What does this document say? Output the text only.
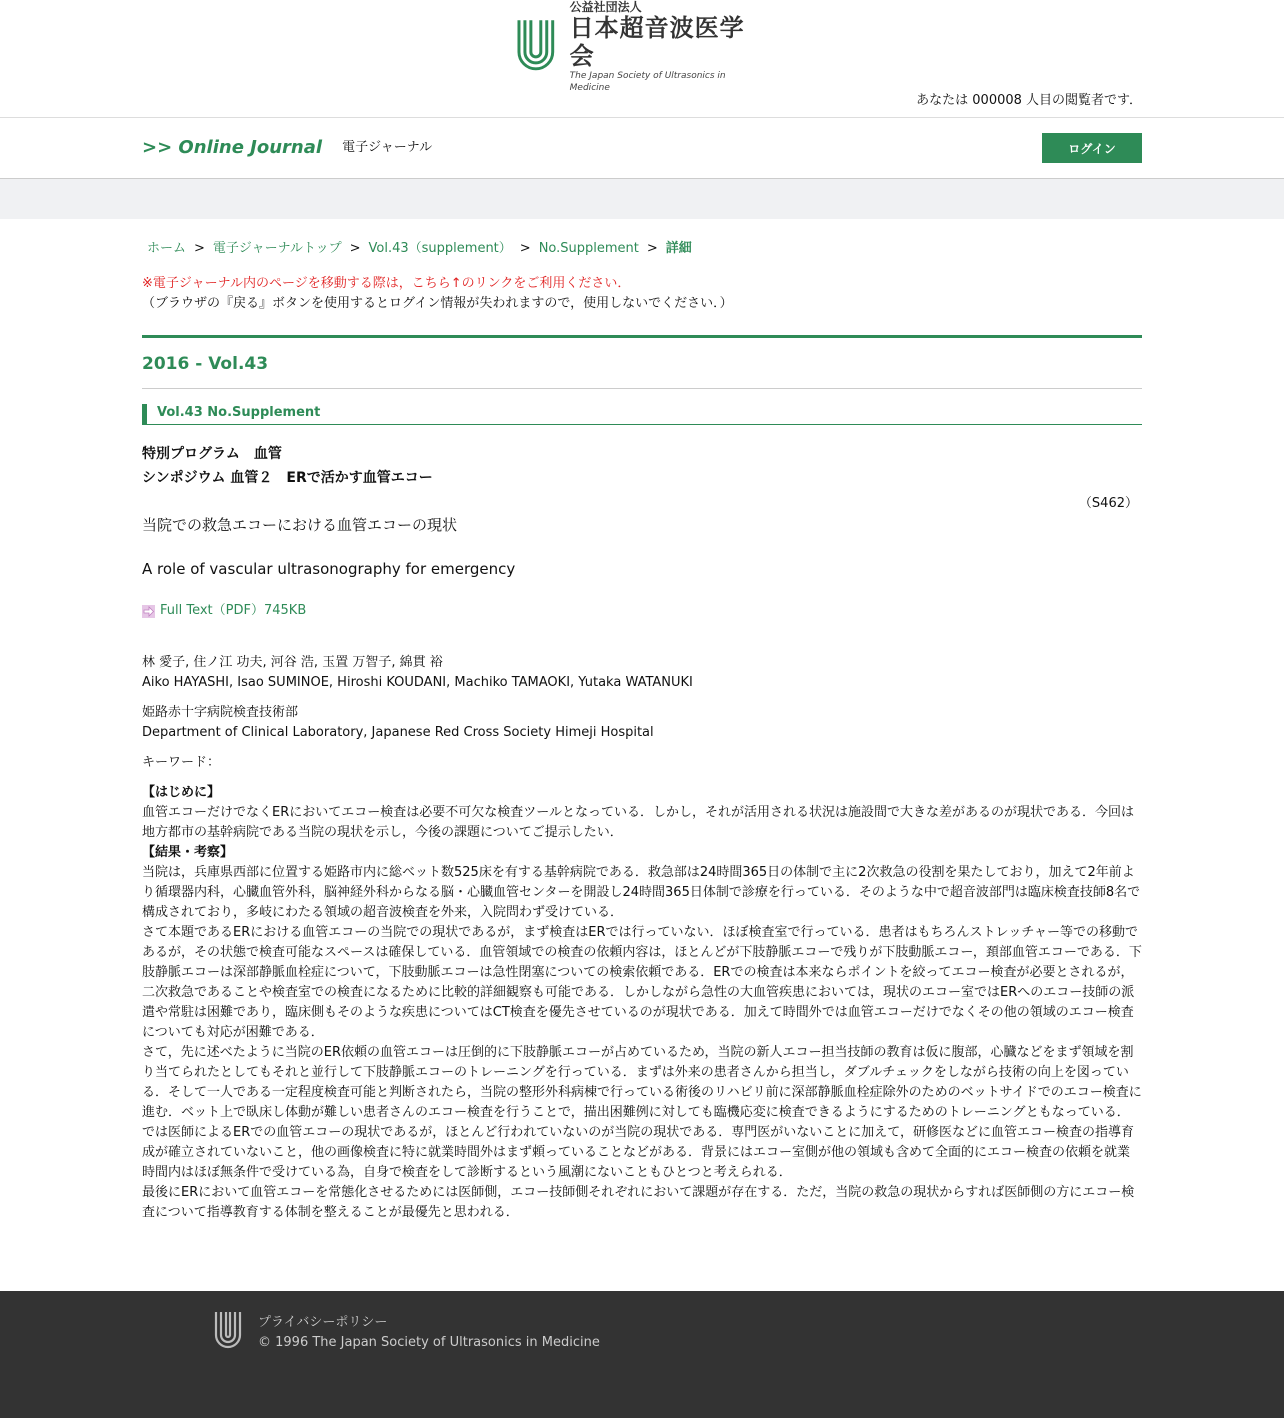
公益社団法人
日本超音波医学会
The Japan Society of Ultrasonics in Medicine
あなたは 000008 人目の閲覧者です．
>> Online Journal 電子ジャーナル	ログイン
ホーム > 電子ジャーナルトップ > Vol.43（supplement） > No.Supplement > 詳細
※電子ジャーナル内のページを移動する際は，こちら↑のリンクをご利用ください．
（ブラウザの『戻る』ボタンを使用するとログイン情報が失われますので，使用しないでください．）
2016 - Vol.43
Vol.43 No.Supplement
特別プログラム　血管
シンポジウム 血管２　ERで活かす血管エコー
（S462）
当院での救急エコーにおける血管エコーの現状
A role of vascular ultrasonography for emergency
Full Text（PDF）745KB
林 愛子, 住ノ江 功夫, 河谷 浩, 玉置 万智子, 綿貫 裕
Aiko HAYASHI, Isao SUMINOE, Hiroshi KOUDANI, Machiko TAMAOKI, Yutaka WATANUKI
姫路赤十字病院検査技術部
Department of Clinical Laboratory, Japanese Red Cross Society Himeji Hospital
キーワード：
【はじめに】
血管エコーだけでなくERにおいてエコー検査は必要不可欠な検査ツールとなっている．しかし，それが活用される状況は施設間で大きな差があるのが現状である．今回は地方都市の基幹病院である当院の現状を示し，今後の課題についてご提示したい．
【結果・考察】
当院は，兵庫県西部に位置する姫路市内に総ベット数525床を有する基幹病院である．救急部は24時間365日の体制で主に2次救急の役割を果たしており，加えて2年前より循環器内科，心臓血管外科，脳神経外科からなる脳・心臓血管センターを開設し24時間365日体制で診療を行っている．そのような中で超音波部門は臨床検査技師8名で構成されており，多岐にわたる領域の超音波検査を外来，入院問わず受けている．
さて本題であるERにおける血管エコーの当院での現状であるが，まず検査はERでは行っていない．ほぼ検査室で行っている．患者はもちろんストレッチャー等での移動であるが，その状態で検査可能なスペースは確保している．血管領域での検査の依頼内容は，ほとんどが下肢静脈エコーで残りが下肢動脈エコー，頚部血管エコーである．下肢静脈エコーは深部静脈血栓症について，下肢動脈エコーは急性閉塞についての検索依頼である．ERでの検査は本来ならポイントを絞ってエコー検査が必要とされるが，二次救急であることや検査室での検査になるために比較的詳細観察も可能である．しかしながら急性の大血管疾患においては，現状のエコー室ではERへのエコー技師の派遣や常駐は困難であり，臨床側もそのような疾患についてはCT検査を優先させているのが現状である．加えて時間外では血管エコーだけでなくその他の領域のエコー検査についても対応が困難である．
さて，先に述べたように当院のER依頼の血管エコーは圧倒的に下肢静脈エコーが占めているため，当院の新人エコー担当技師の教育は仮に腹部，心臓などをまず領域を割り当てられたとしてもそれと並行して下肢静脈エコーのトレーニングを行っている．まずは外来の患者さんから担当し，ダブルチェックをしながら技術の向上を図っている．そして一人である一定程度検査可能と判断されたら，当院の整形外科病棟で行っている術後のリハビリ前に深部静脈血栓症除外のためのベットサイドでのエコー検査に進む．ベット上で臥床し体動が難しい患者さんのエコー検査を行うことで，描出困難例に対しても臨機応変に検査できるようにするためのトレーニングともなっている．
では医師によるERでの血管エコーの現状であるが，ほとんど行われていないのが当院の現状である．専門医がいないことに加えて，研修医などに血管エコー検査の指導育成が確立されていないこと，他の画像検査に特に就業時間外はまず頼っていることなどがある．背景にはエコー室側が他の領域も含めて全面的にエコー検査の依頼を就業時間内はほぼ無条件で受けている為，自身で検査をして診断するという風潮にないこともひとつと考えられる．
最後にERにおいて血管エコーを常態化させるためには医師側，エコー技師側それぞれにおいて課題が存在する．ただ，当院の救急の現状からすれば医師側の方にエコー検査について指導教育する体制を整えることが最優先と思われる．
プライバシーポリシー
© 1996 The Japan Society of Ultrasonics in Medicine
